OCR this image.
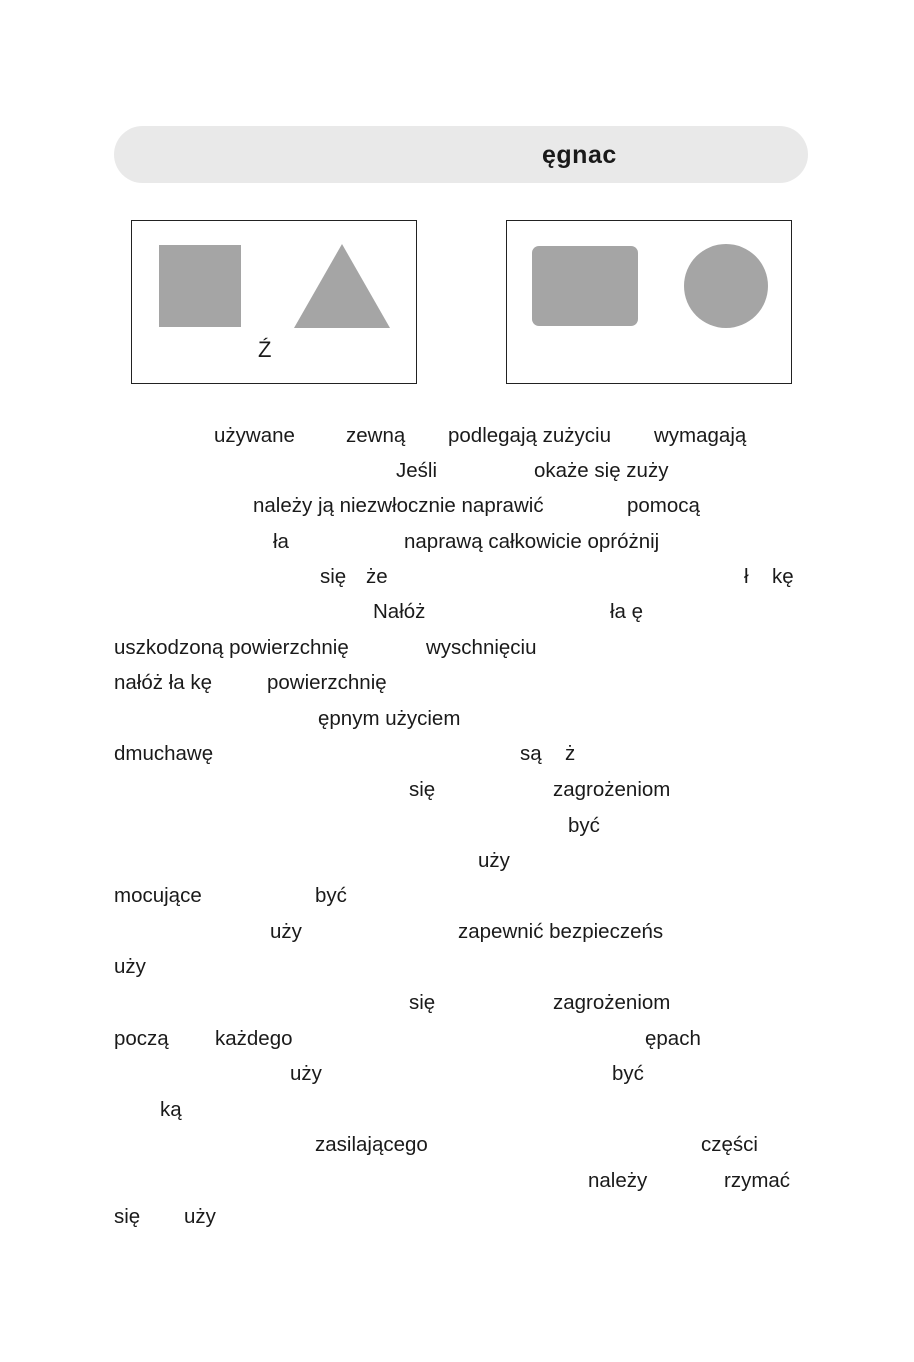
ęgnac
Ź
używane zewną podlegają zużyciu wymagają
Jeśli	okaże się zuży
należy ją niezwłocznie naprawić	pomocą
ła	naprawą całkowicie opróżnij
się że	ł kę
Nałóż	ła ę
uszkodzoną powierzchnię	wyschnięciu
nałóż ła kę	powierzchnię
ępnym użyciem
dmuchawę	są ż
się	zagrożeniom
być
uży
mocujące	być
uży	zapewnić bezpieczeńs
uży
się	zagrożeniom
począ każdego	ępach
uży	być
ką
zasilającego	części
należy	rzymać
się uży
